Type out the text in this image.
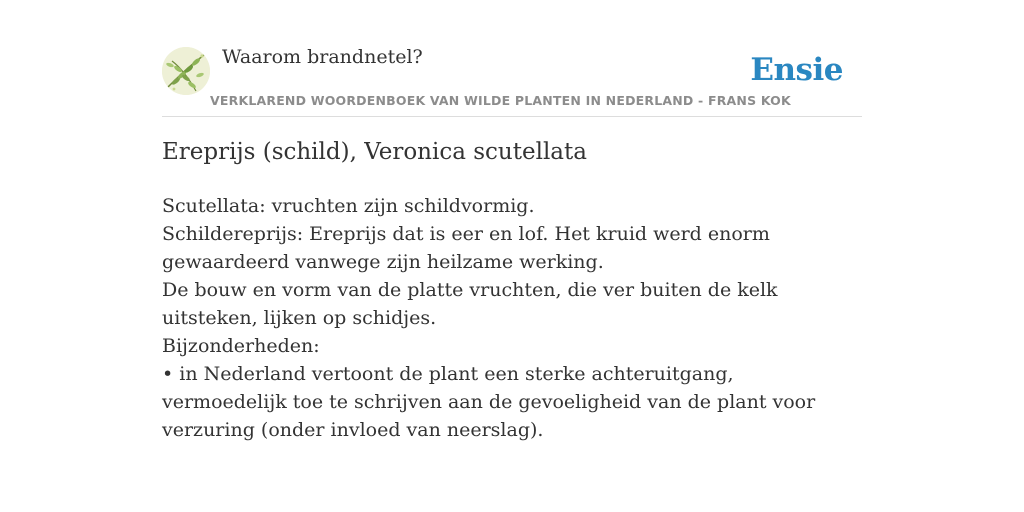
Waarom brandnetel?
VERKLAREND WOORDENBOEK VAN WILDE PLANTEN IN NEDERLAND - FRANS KOK
Ensie
Ereprijs (schild), Veronica scutellata
Scutellata: vruchten zijn schildvormig.
Schildereprijs: Ereprijs dat is eer en lof. Het kruid werd enorm gewaardeerd vanwege zijn heilzame werking.
De bouw en vorm van de platte vruchten, die ver buiten de kelk uitsteken, lijken op schidjes.
Bijzonderheden:
• in Nederland vertoont de plant een sterke achteruitgang, vermoedelijk toe te schrijven aan de gevoeligheid van de plant voor verzuring (onder invloed van neerslag).
